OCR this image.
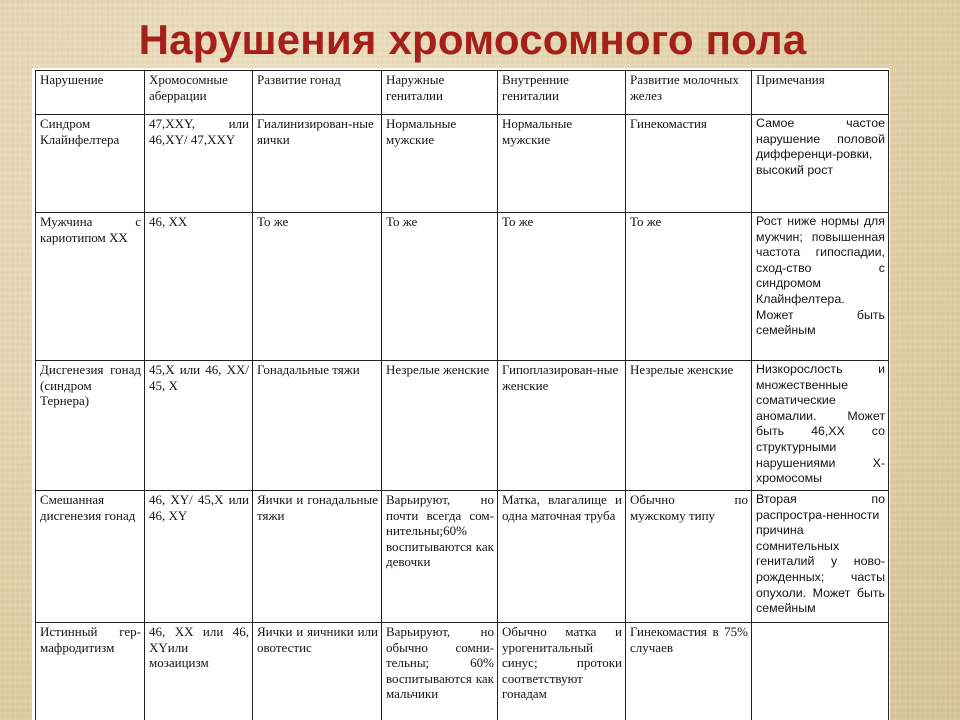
Нарушения хромосомного пола
Нарушение	Хромосомные аберрации	Развитие гонад	Наружные гениталии	Внутренние гениталии	Развитие молочных желез	Примечания
Синдром Клайнфелтера	47,XXY, или 46,XY/ 47,XXY	Гиалинизирован-ные яички	Нормальные мужские	Нормальные мужские	Гинекомастия	Самое частое нарушение половой дифференци-ровки, высокий рост
Мужчина с кариотипом XX	46, XX	То же	То же	То же	То же	Рост ниже нормы для мужчин; повышенная частота гипоспадии, сход-ство с синдромом Клайнфелтера. Может быть семейным
Дисгенезия гонад (синдром Тернера)	45,X или 46, XX/ 45, X	Гонадальные тяжи	Незрелые женские	Гипоплазирован-ные женские	Незрелые женские	Низкорослость и множественные соматические аномалии. Может быть 46,XX со структурными нарушениями X-хромосомы
Смешанная дисгенезия гонад	46, XY/ 45,X или 46, XY	Яички и гонадальные тяжи	Варьируют, но почти всегда сом-нительны;60% воспитываются как девочки	Матка, влагалище и одна маточная труба	Обычно по мужскому типу	Вторая по распростра-ненности причина сомнительных гениталий у ново-рожденных; часты опухоли. Может быть семейным
Истинный гер-мафродитизм	46, XX или 46, XYили мозаицизм	Яички и яичники или овотестис	Варьируют, но обычно сомни-тельны; 60% воспитываются как мальчики	Обычно матка и урогенитальный синус; протоки соответствуют гонадам	Гинекомастия в 75% случаев	
